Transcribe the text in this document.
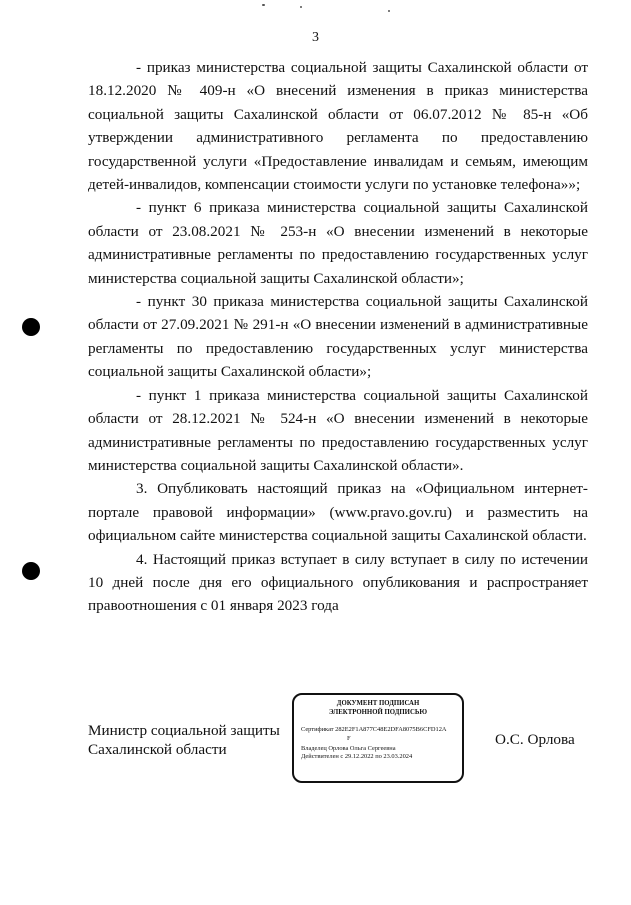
3

- приказ министерства социальной защиты Сахалинской области от 18.12.2020 № 409-н «О внесений изменения в приказ министерства социальной защиты Сахалинской области от 06.07.2012 № 85-н «Об утверждении административного регламента по предоставлению государственной услуги «Предоставление инвалидам и семьям, имеющим детей-инвалидов, компенсации стоимости услуги по установке телефона»»;

- пункт 6 приказа министерства социальной защиты Сахалинской области от 23.08.2021 № 253-н «О внесении изменений в некоторые административные регламенты по предоставлению государственных услуг министерства социальной защиты Сахалинской области»;

- пункт 30 приказа министерства социальной защиты Сахалинской области от 27.09.2021 № 291-н «О внесении изменений в административные регламенты по предоставлению государственных услуг министерства социальной защиты Сахалинской области»;

- пункт 1 приказа министерства социальной защиты Сахалинской области от 28.12.2021 № 524-н «О внесении изменений в некоторые административные регламенты по предоставлению государственных услуг министерства социальной защиты Сахалинской области».

3. Опубликовать настоящий приказ на «Официальном интернет-портале правовой информации» (www.pravo.gov.ru) и разместить на официальном сайте министерства социальной защиты Сахалинской области.

4. Настоящий приказ вступает в силу вступает в силу по истечении 10 дней после дня его официального опубликования и распространяет правоотношения с 01 января 2023 года

Министр социальной защиты
Сахалинской области
ДОКУМЕНТ ПОДПИСАН
ЭЛЕКТРОННОЙ ПОДПИСЬЮ
Сертификат 282E2F1A877C48E2DFA8075B6CFD12A
F
Владелец Орлова Ольга Сергеевна
Действителен с 29.12.2022 по 23.03.2024
О.С. Орлова
